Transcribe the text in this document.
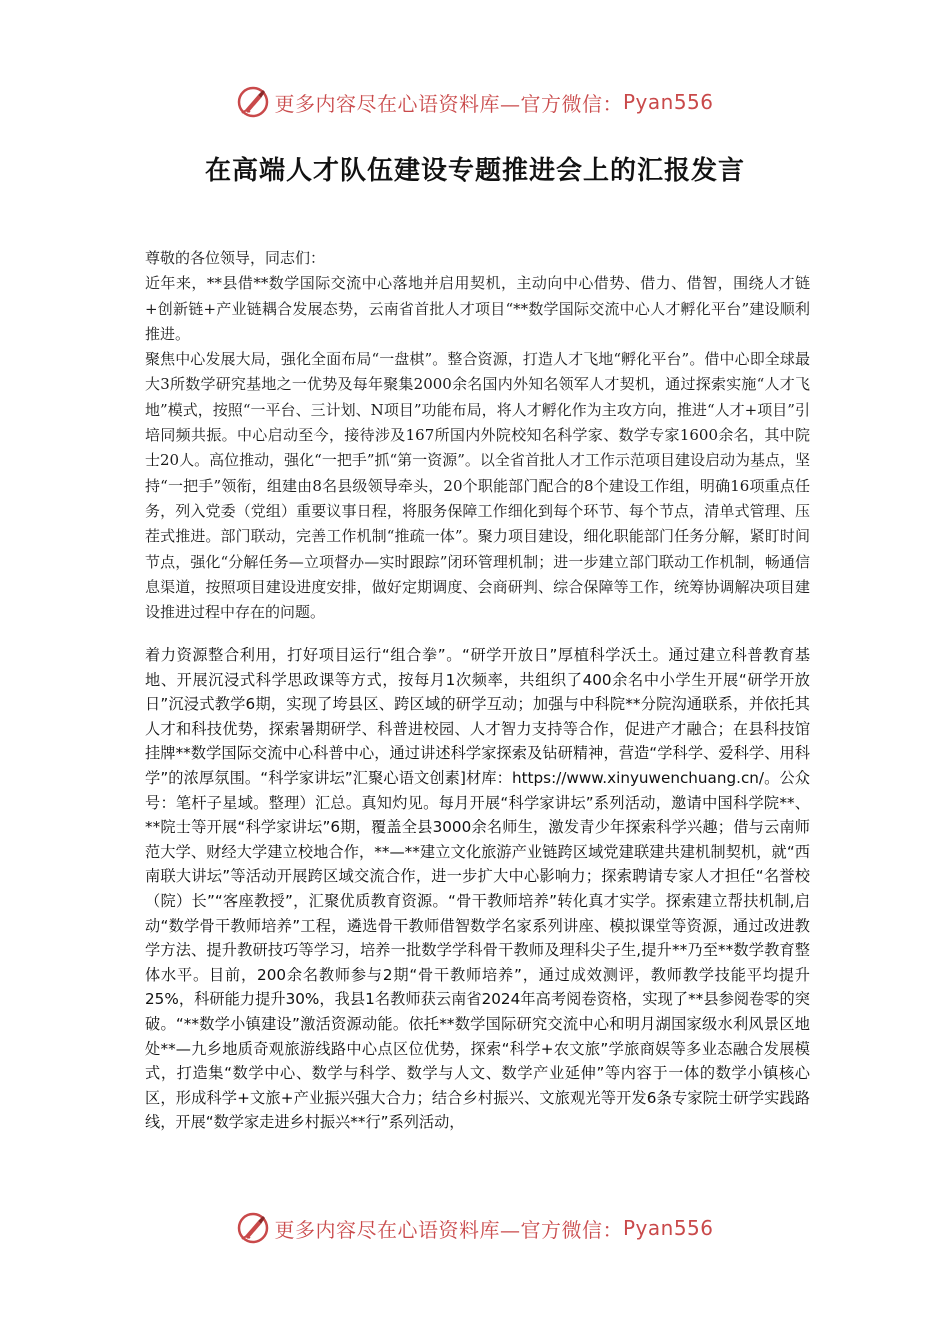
更多内容尽在心语资料库—官方微信： Pyan556
在高端人才队伍建设专题推进会上的汇报发言

尊敬的各位领导，同志们：

近年来，**县借**数学国际交流中心落地并启用契机，主动向中心借势、借力、借智，围绕人才链+创新链+产业链耦合发展态势，云南省首批人才项目“**数学国际交流中心人才孵化平台”建设顺利推进。

聚焦中心发展大局，强化全面布局“一盘棋”。整合资源，打造人才飞地“孵化平台”。借中心即全球最大3所数学研究基地之一优势及每年聚集2000余名国内外知名领军人才契机，通过探索实施“人才飞地”模式，按照“一平台、三计划、N项目”功能布局，将人才孵化作为主攻方向，推进“人才+项目”引培同频共振。中心启动至今，接待涉及167所国内外院校知名科学家、数学专家1600余名，其中院士20人。高位推动，强化“一把手”抓“第一资源”。以全省首批人才工作示范项目建设启动为基点，坚持“一把手”领衔，组建由8名县级领导牵头，20个职能部门配合的8个建设工作组，明确16项重点任务，列入党委（党组）重要议事日程，将服务保障工作细化到每个环节、每个节点，清单式管理、压茬式推进。部门联动，完善工作机制“推疏一体”。聚力项目建设，细化职能部门任务分解，紧盯时间节点，强化“分解任务—立项督办—实时跟踪”闭环管理机制；进一步建立部门联动工作机制，畅通信息渠道，按照项目建设进度安排，做好定期调度、会商研判、综合保障等工作，统筹协调解决项目建设推进过程中存在的问题。

着力资源整合利用，打好项目运行“组合拳”。“研学开放日”厚植科学沃土。通过建立科普教育基地、开展沉浸式科学思政课等方式，按每月1次频率，共组织了400余名中小学生开展“研学开放日”沉浸式教学6期，实现了垮县区、跨区域的研学互动；加强与中科院**分院沟通联系，并依托其人才和科技优势，探索暑期研学、科普进校园、人才智力支持等合作，促进产才融合；在县科技馆挂牌**数学国际交流中心科普中心，通过讲述科学家探索及钻研精神，营造“学科学、爱科学、用科学”的浓厚氛围。“科学家讲坛”汇聚心语文创素]材库：https://www.xinyuwenchuang.cn/。公众号：笔杆子星域。整理）汇总。真知灼见。每月开展“科学家讲坛”系列活动，邀请中国科学院**、**院士等开展“科学家讲坛”6期，覆盖全县3000余名师生，激发青少年探索科学兴趣；借与云南师范大学、财经大学建立校地合作，**—**建立文化旅游产业链跨区域党建联建共建机制契机，就“西南联大讲坛”等活动开展跨区域交流合作，进一步扩大中心影响力；探索聘请专家人才担任“名誉校（院）长”“客座教授”，汇聚优质教育资源。“骨干教师培养”转化真才实学。探索建立帮扶机制,启动“数学骨干教师培养”工程，遴选骨干教师借智数学名家系列讲座、模拟课堂等资源，通过改进教学方法、提升教研技巧等学习，培养一批数学学科骨干教师及理科尖子生,提升**乃至**数学教育整体水平。目前，200余名教师参与2期“骨干教师培养”，通过成效测评，教师教学技能平均提升25%，科研能力提升30%，我县1名教师获云南省2024年高考阅卷资格，实现了**县参阅卷零的突破。“**数学小镇建设”激活资源动能。依托**数学国际研究交流中心和明月湖国家级水利风景区地处**—九乡地质奇观旅游线路中心点区位优势，探索“科学+农文旅”学旅商娱等多业态融合发展模式，打造集“数学中心、数学与科学、数学与人文、数学产业延伸”等内容于一体的数学小镇核心区，形成科学+文旅+产业振兴强大合力；结合乡村振兴、文旅观光等开发6条专家院士研学实践路线，开展“数学家走进乡村振兴**行”系列活动，

更多内容尽在心语资料库—官方微信： Pyan556
